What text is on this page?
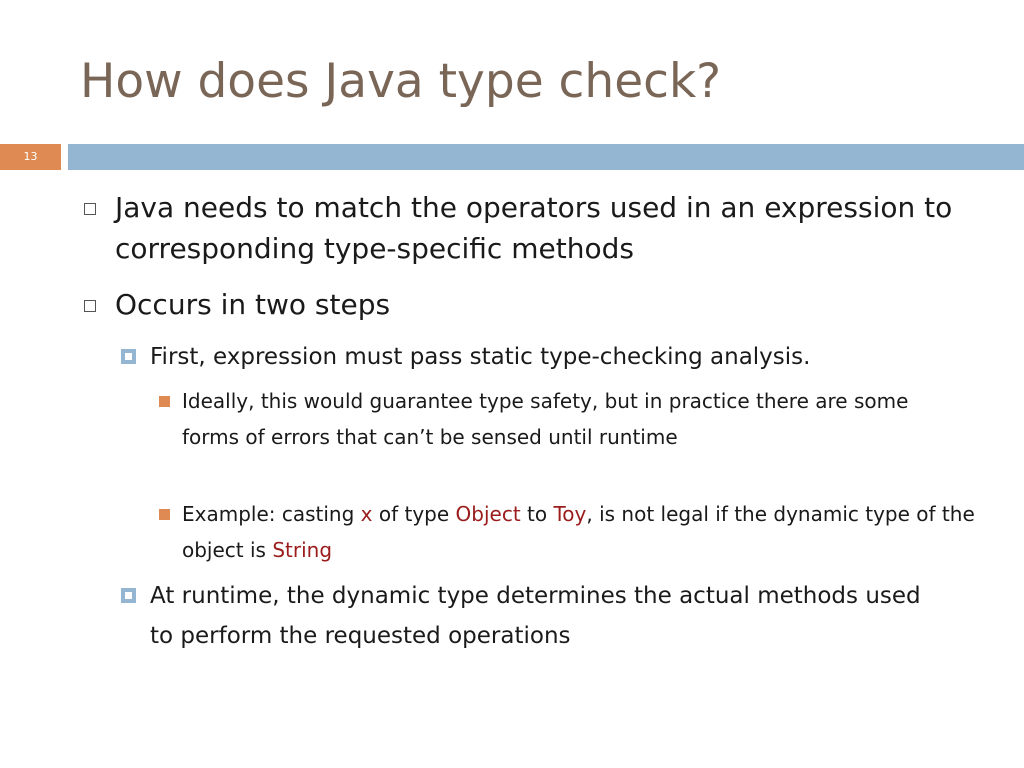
How does Java type check?
13
Java needs to match the operators used in an expression to corresponding type-specific methods
Occurs in two steps
First, expression must pass static type-checking analysis.
Ideally, this would guarantee type safety, but in practice there are some forms of errors that can’t be sensed until runtime
Example: casting x of type Object to Toy, is not legal if the dynamic type of the object is String
At runtime, the dynamic type determines the actual methods used to perform the requested operations
